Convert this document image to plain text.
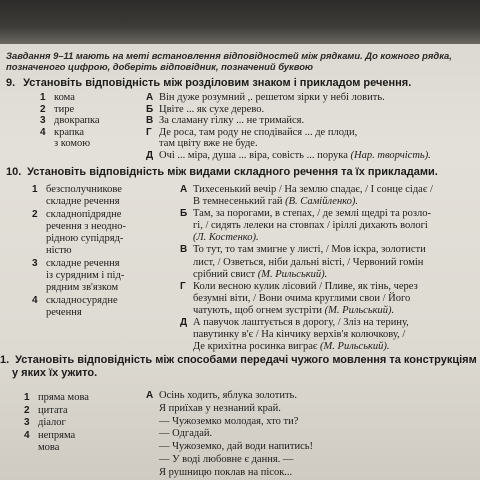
Завдання 9–11 мають на меті встановлення відповідностей між рядками. До кожного рядка,
позначеного цифрою, доберіть відповідник, позначений буквою
9. Установіть відповідність між розділовим знаком і прикладом речення.
1 кома
2 тире
3 двокрапка
4 крапка
з комою
А Він дуже розумний ,. решетом зірки у небі ловить.
Б Цвіте ... як сухе дерево.
В За сламану гілку ... не тримайся.
Г Де роса, там роду не сподівайся ... де плоди,
там цвіту вже не буде.
Д Очі ... міра, душа ... віра, совість ... порука (Нар. творчість).
10. Установіть відповідність між видами складного речення та їх прикладами.
1 безсполучникове
складне речення
2 складнопідрядне
речення з неодно-
рідною супідряд-
ністю
3 складне речення
із сурядним і під-
рядним зв'язком
4 складносурядне
речення
А Тихесенький вечір / На землю спадає, / І сонце сідає /
В темнесенький гай (В. Самійленко).
Б Там, за порогами, в степах, / де землі щедрі та розло-
гі, / сидять лелеки на стовпах / іріллі дихають вологі
(Л. Костенко).
В То тут, то там змигне у листі, / Мов іскра, золотисти
лист, / Озветься, ніби дальні вісті, / Червоний гомін
срібний свист (М. Рильський).
Г Коли весною кулик лісовий / Пливе, як тінь, через
безумні віти, / Вони очима круглими свои / Його
чатують, щоб огнем зустріти (М. Рильський).
Д А павучок лаштується в дорогу, / Зліз на терину,
павутинку в'є / На кінчику верхів'я колючкову, /
Де крихітна росинка виграє (М. Рильський).
1. Установіть відповідність між способами передачі чужого мовлення та конструкціям
у яких їх ужито.
1 пряма мова
2 цитата
3 діалог
4 непряма
мова
А Осінь ходить, яблука золотить.
Я приїхав у незнаний край.
— Чужоземко молодая, хто ти?
— Одгадай.
— Чужоземко, дай води напитись!
— У воді любовне є дання. —
Я рушницю поклав на пісок...
